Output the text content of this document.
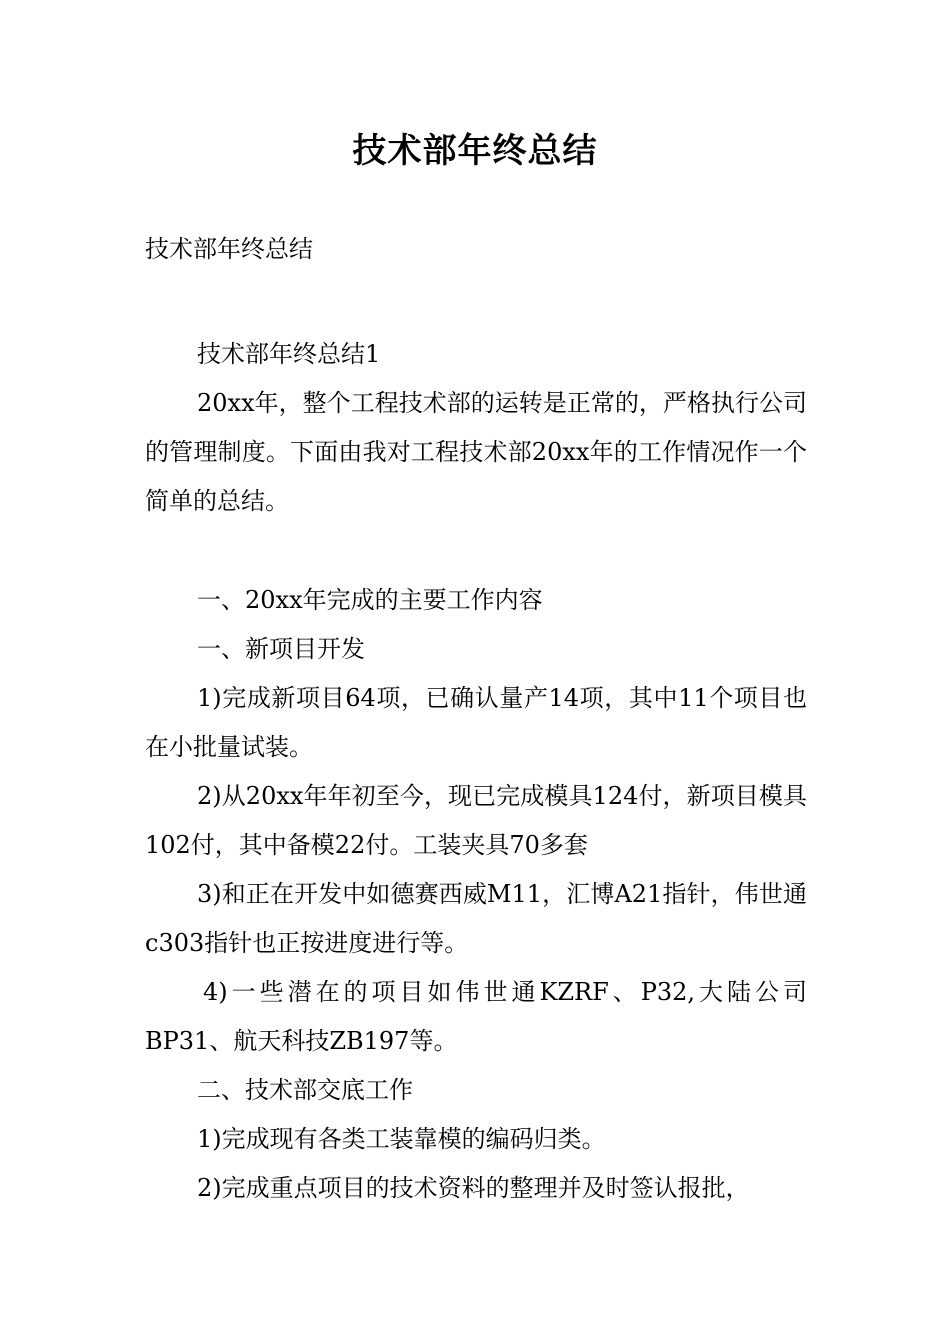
技术部年终总结
技术部年终总结

技术部年终总结1

20xx年，整个工程技术部的运转是正常的，严格执行公司的管理制度。下面由我对工程技术部20xx年的工作情况作一个简单的总结。

一、20xx年完成的主要工作内容

一、新项目开发

1)完成新项目64项，已确认量产14项，其中11个项目也在小批量试装。

2)从20xx年年初至今，现已完成模具124付，新项目模具102付，其中备模22付。工装夹具70多套

3)和正在开发中如德赛西威M11，汇博A21指针，伟世通c303指针也正按进度进行等。

4)一些潜在的项目如伟世通KZRF、P32,大陆公司BP31、航天科技ZB197等。

二、技术部交底工作

1)完成现有各类工装靠模的编码归类。

2)完成重点项目的技术资料的整理并及时签认报批，
